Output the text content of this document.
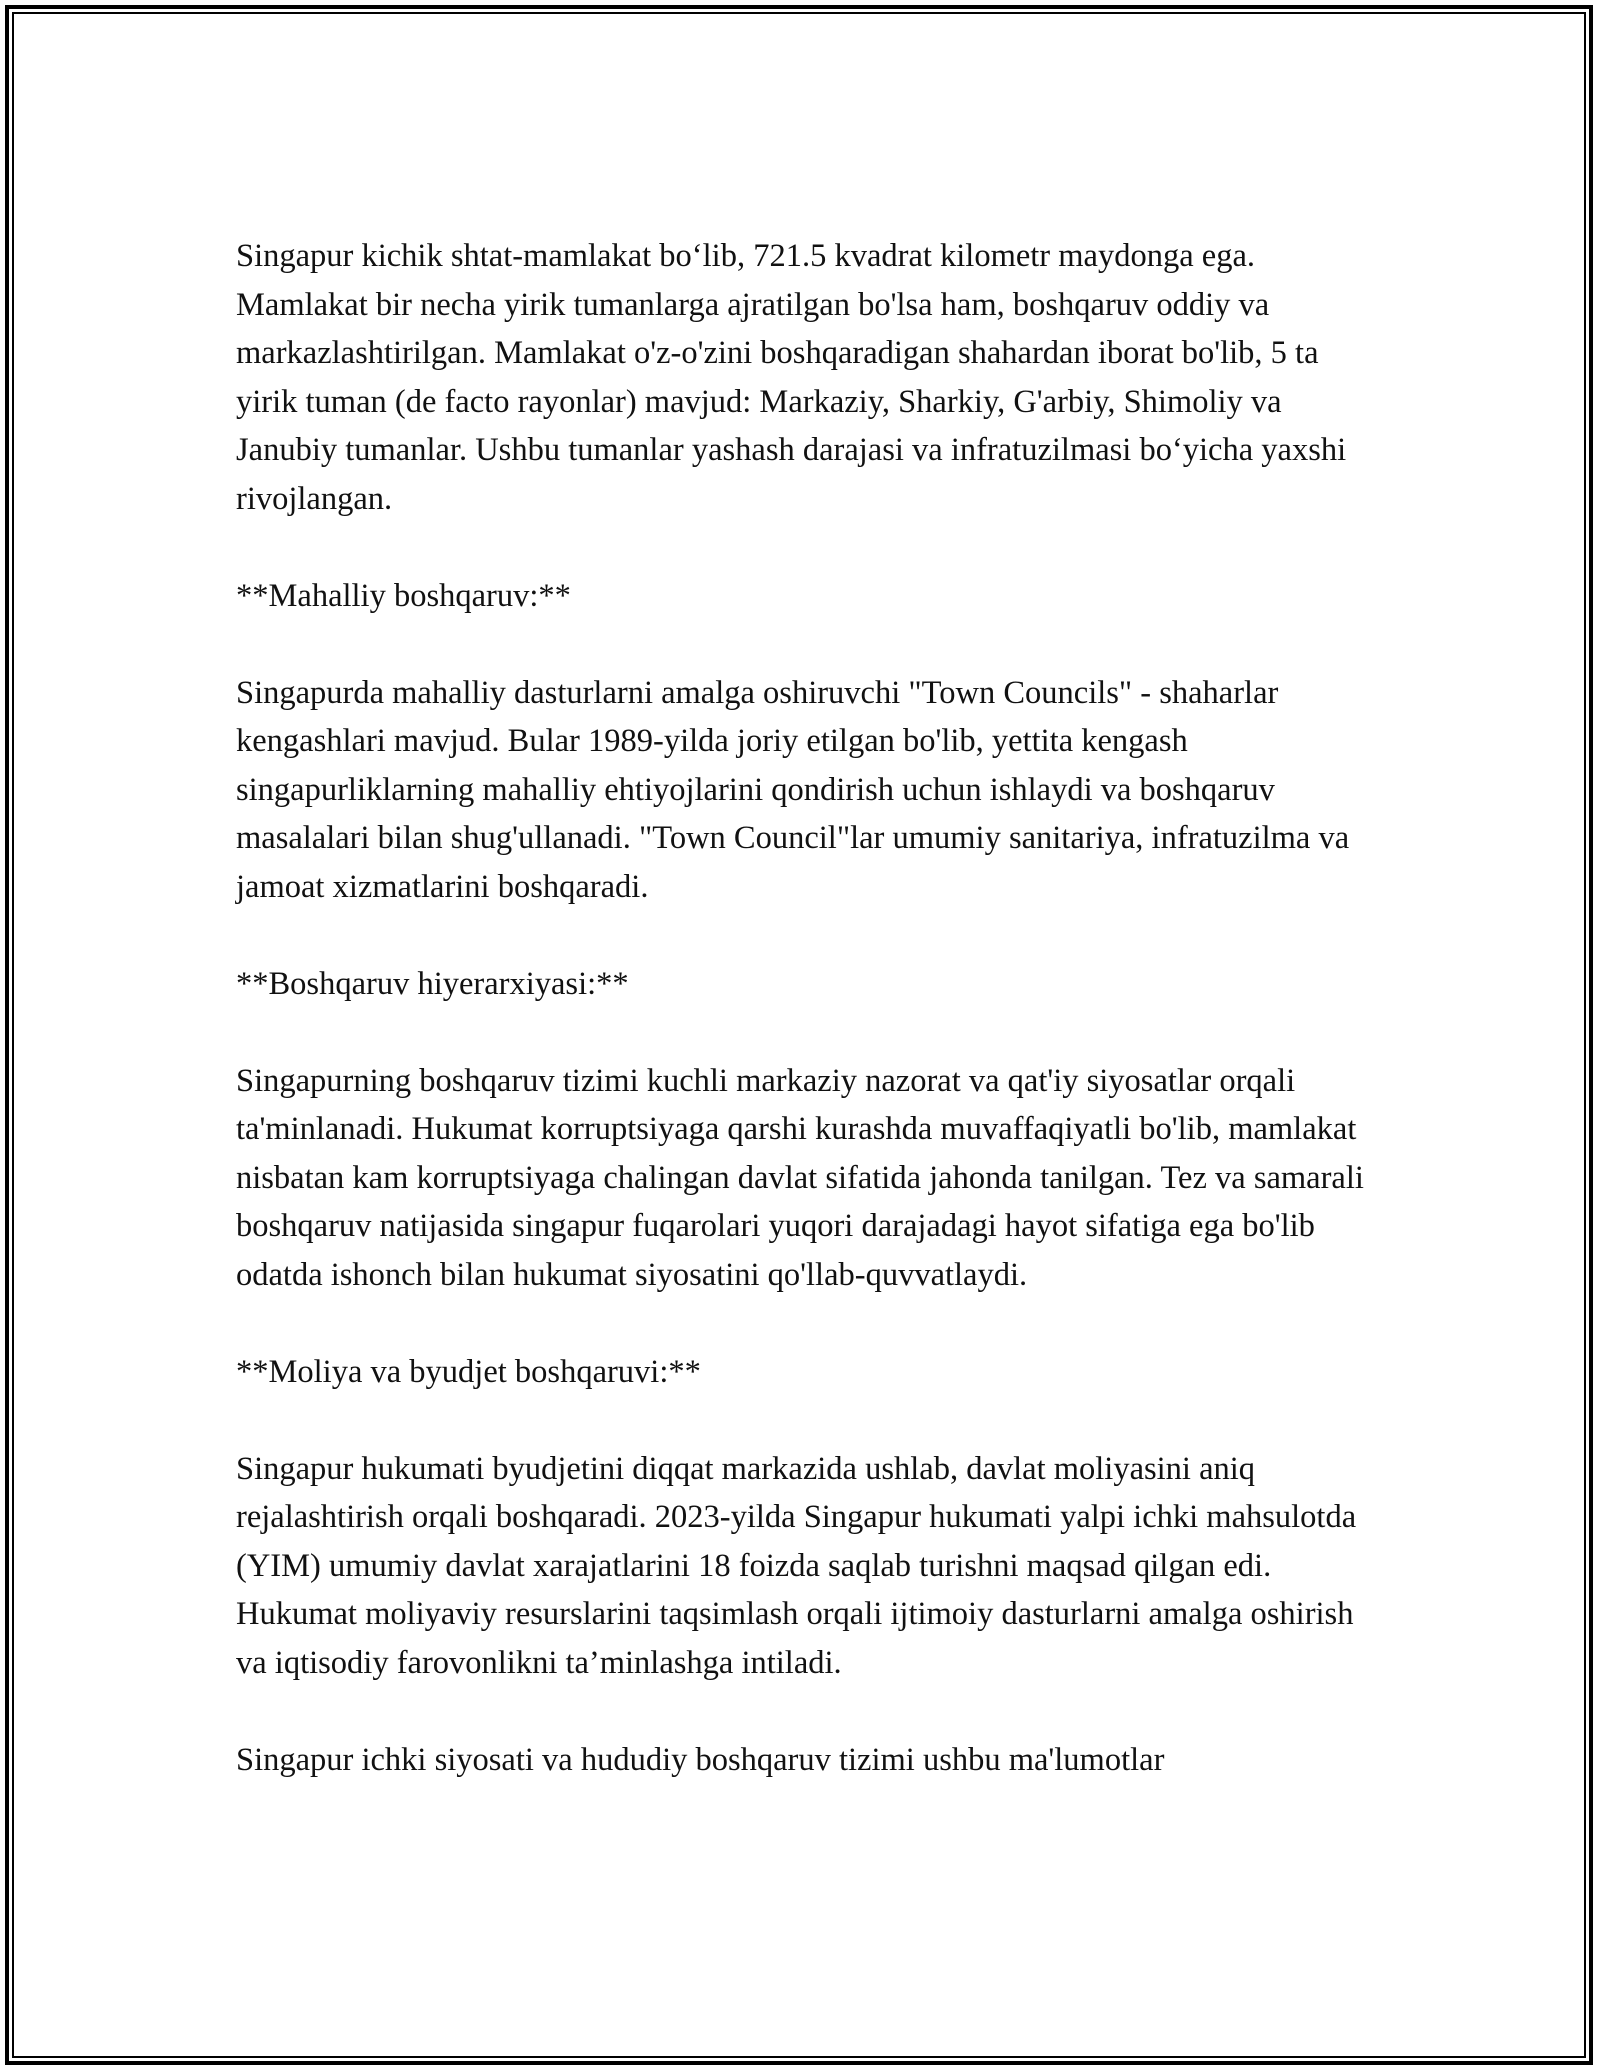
Singapur kichik shtat-mamlakat bo‘lib, 721.5 kvadrat kilometr maydonga ega. Mamlakat bir necha yirik tumanlarga ajratilgan bo'lsa ham, boshqaruv oddiy va markazlashtirilgan. Mamlakat o'z-o'zini boshqaradigan shahardan iborat bo'lib, 5 ta yirik tuman (de facto rayonlar) mavjud: Markaziy, Sharkiy, G'arbiy, Shimoliy va Janubiy tumanlar. Ushbu tumanlar yashash darajasi va infratuzilmasi bo‘yicha yaxshi rivojlangan.

**Mahalliy boshqaruv:**

Singapurda mahalliy dasturlarni amalga oshiruvchi "Town Councils" - shaharlar kengashlari mavjud. Bular 1989-yilda joriy etilgan bo'lib, yettita kengash singapurliklarning mahalliy ehtiyojlarini qondirish uchun ishlaydi va boshqaruv masalalari bilan shug'ullanadi. "Town Council"lar umumiy sanitariya, infratuzilma va jamoat xizmatlarini boshqaradi.

**Boshqaruv hiyerarxiyasi:**

Singapurning boshqaruv tizimi kuchli markaziy nazorat va qat'iy siyosatlar orqali ta'minlanadi. Hukumat korruptsiyaga qarshi kurashda muvaffaqiyatli bo'lib, mamlakat nisbatan kam korruptsiyaga chalingan davlat sifatida jahonda tanilgan. Tez va samarali boshqaruv natijasida singapur fuqarolari yuqori darajadagi hayot sifatiga ega bo'lib odatda ishonch bilan hukumat siyosatini qo'llab-quvvatlaydi.

**Moliya va byudjet boshqaruvi:**

Singapur hukumati byudjetini diqqat markazida ushlab, davlat moliyasini aniq rejalashtirish orqali boshqaradi. 2023-yilda Singapur hukumati yalpi ichki mahsulotda (YIM) umumiy davlat xarajatlarini 18 foizda saqlab turishni maqsad qilgan edi. Hukumat moliyaviy resurslarini taqsimlash orqali ijtimoiy dasturlarni amalga oshirish va iqtisodiy farovonlikni ta’minlashga intiladi.

Singapur ichki siyosati va hududiy boshqaruv tizimi ushbu ma'lumotlar
